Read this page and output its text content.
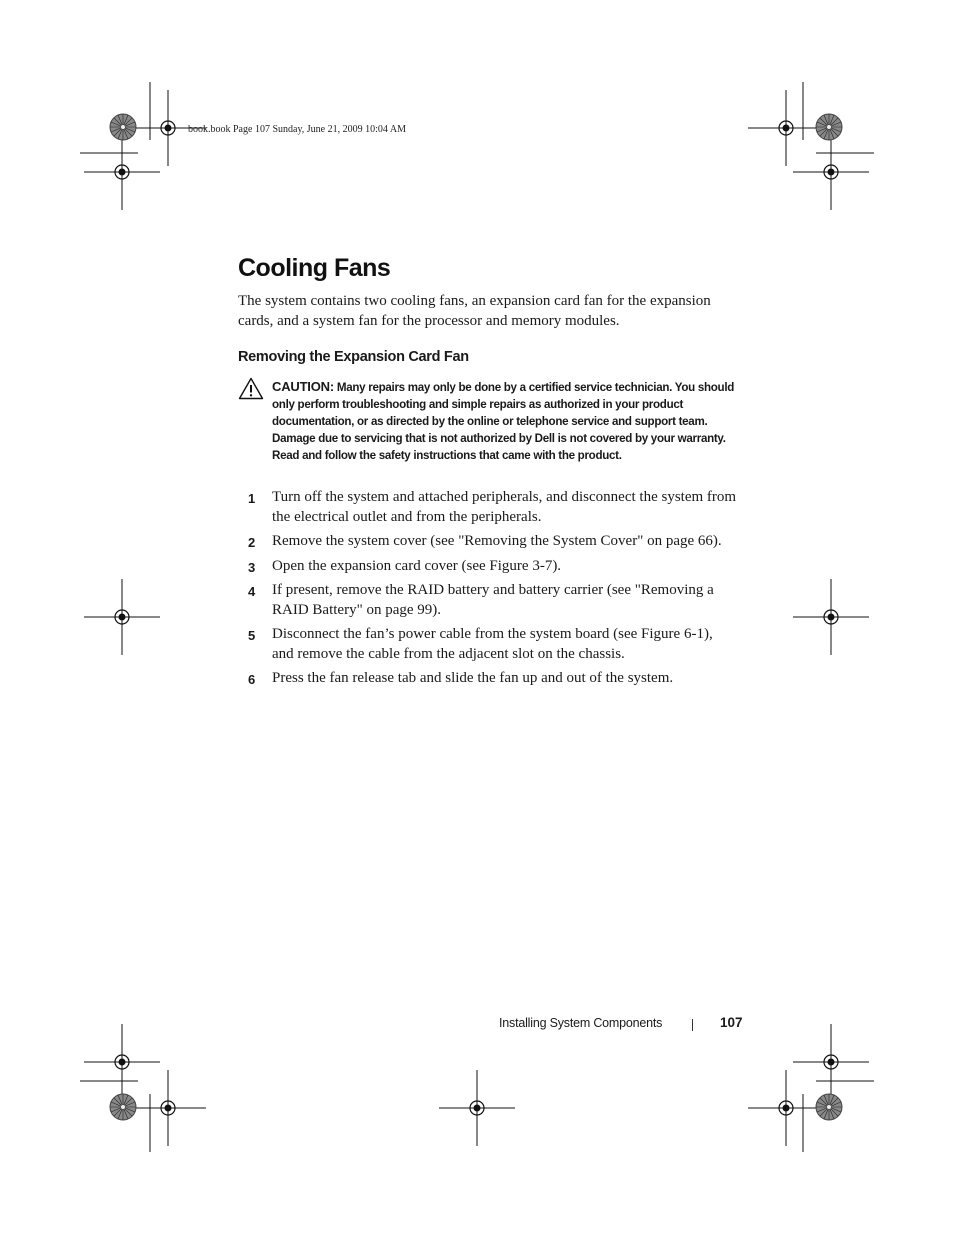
book.book Page 107 Sunday, June 21, 2009 10:04 AM
Cooling Fans

The system contains two cooling fans, an expansion card fan for the expansion cards, and a system fan for the processor and memory modules.

Removing the Expansion Card Fan
CAUTION: Many repairs may only be done by a certified service technician. You should only perform troubleshooting and simple repairs as authorized in your product documentation, or as directed by the online or telephone service and support team. Damage due to servicing that is not authorized by Dell is not covered by your warranty. Read and follow the safety instructions that came with the product.
1 Turn off the system and attached peripherals, and disconnect the system from the electrical outlet and from the peripherals.
2 Remove the system cover (see "Removing the System Cover" on page 66).
3 Open the expansion card cover (see Figure 3-7).
4 If present, remove the RAID battery and battery carrier (see "Removing a RAID Battery" on page 99).
5 Disconnect the fan’s power cable from the system board (see Figure 6-1), and remove the cable from the adjacent slot on the chassis.
6 Press the fan release tab and slide the fan up and out of the system.
Installing System Components	107
